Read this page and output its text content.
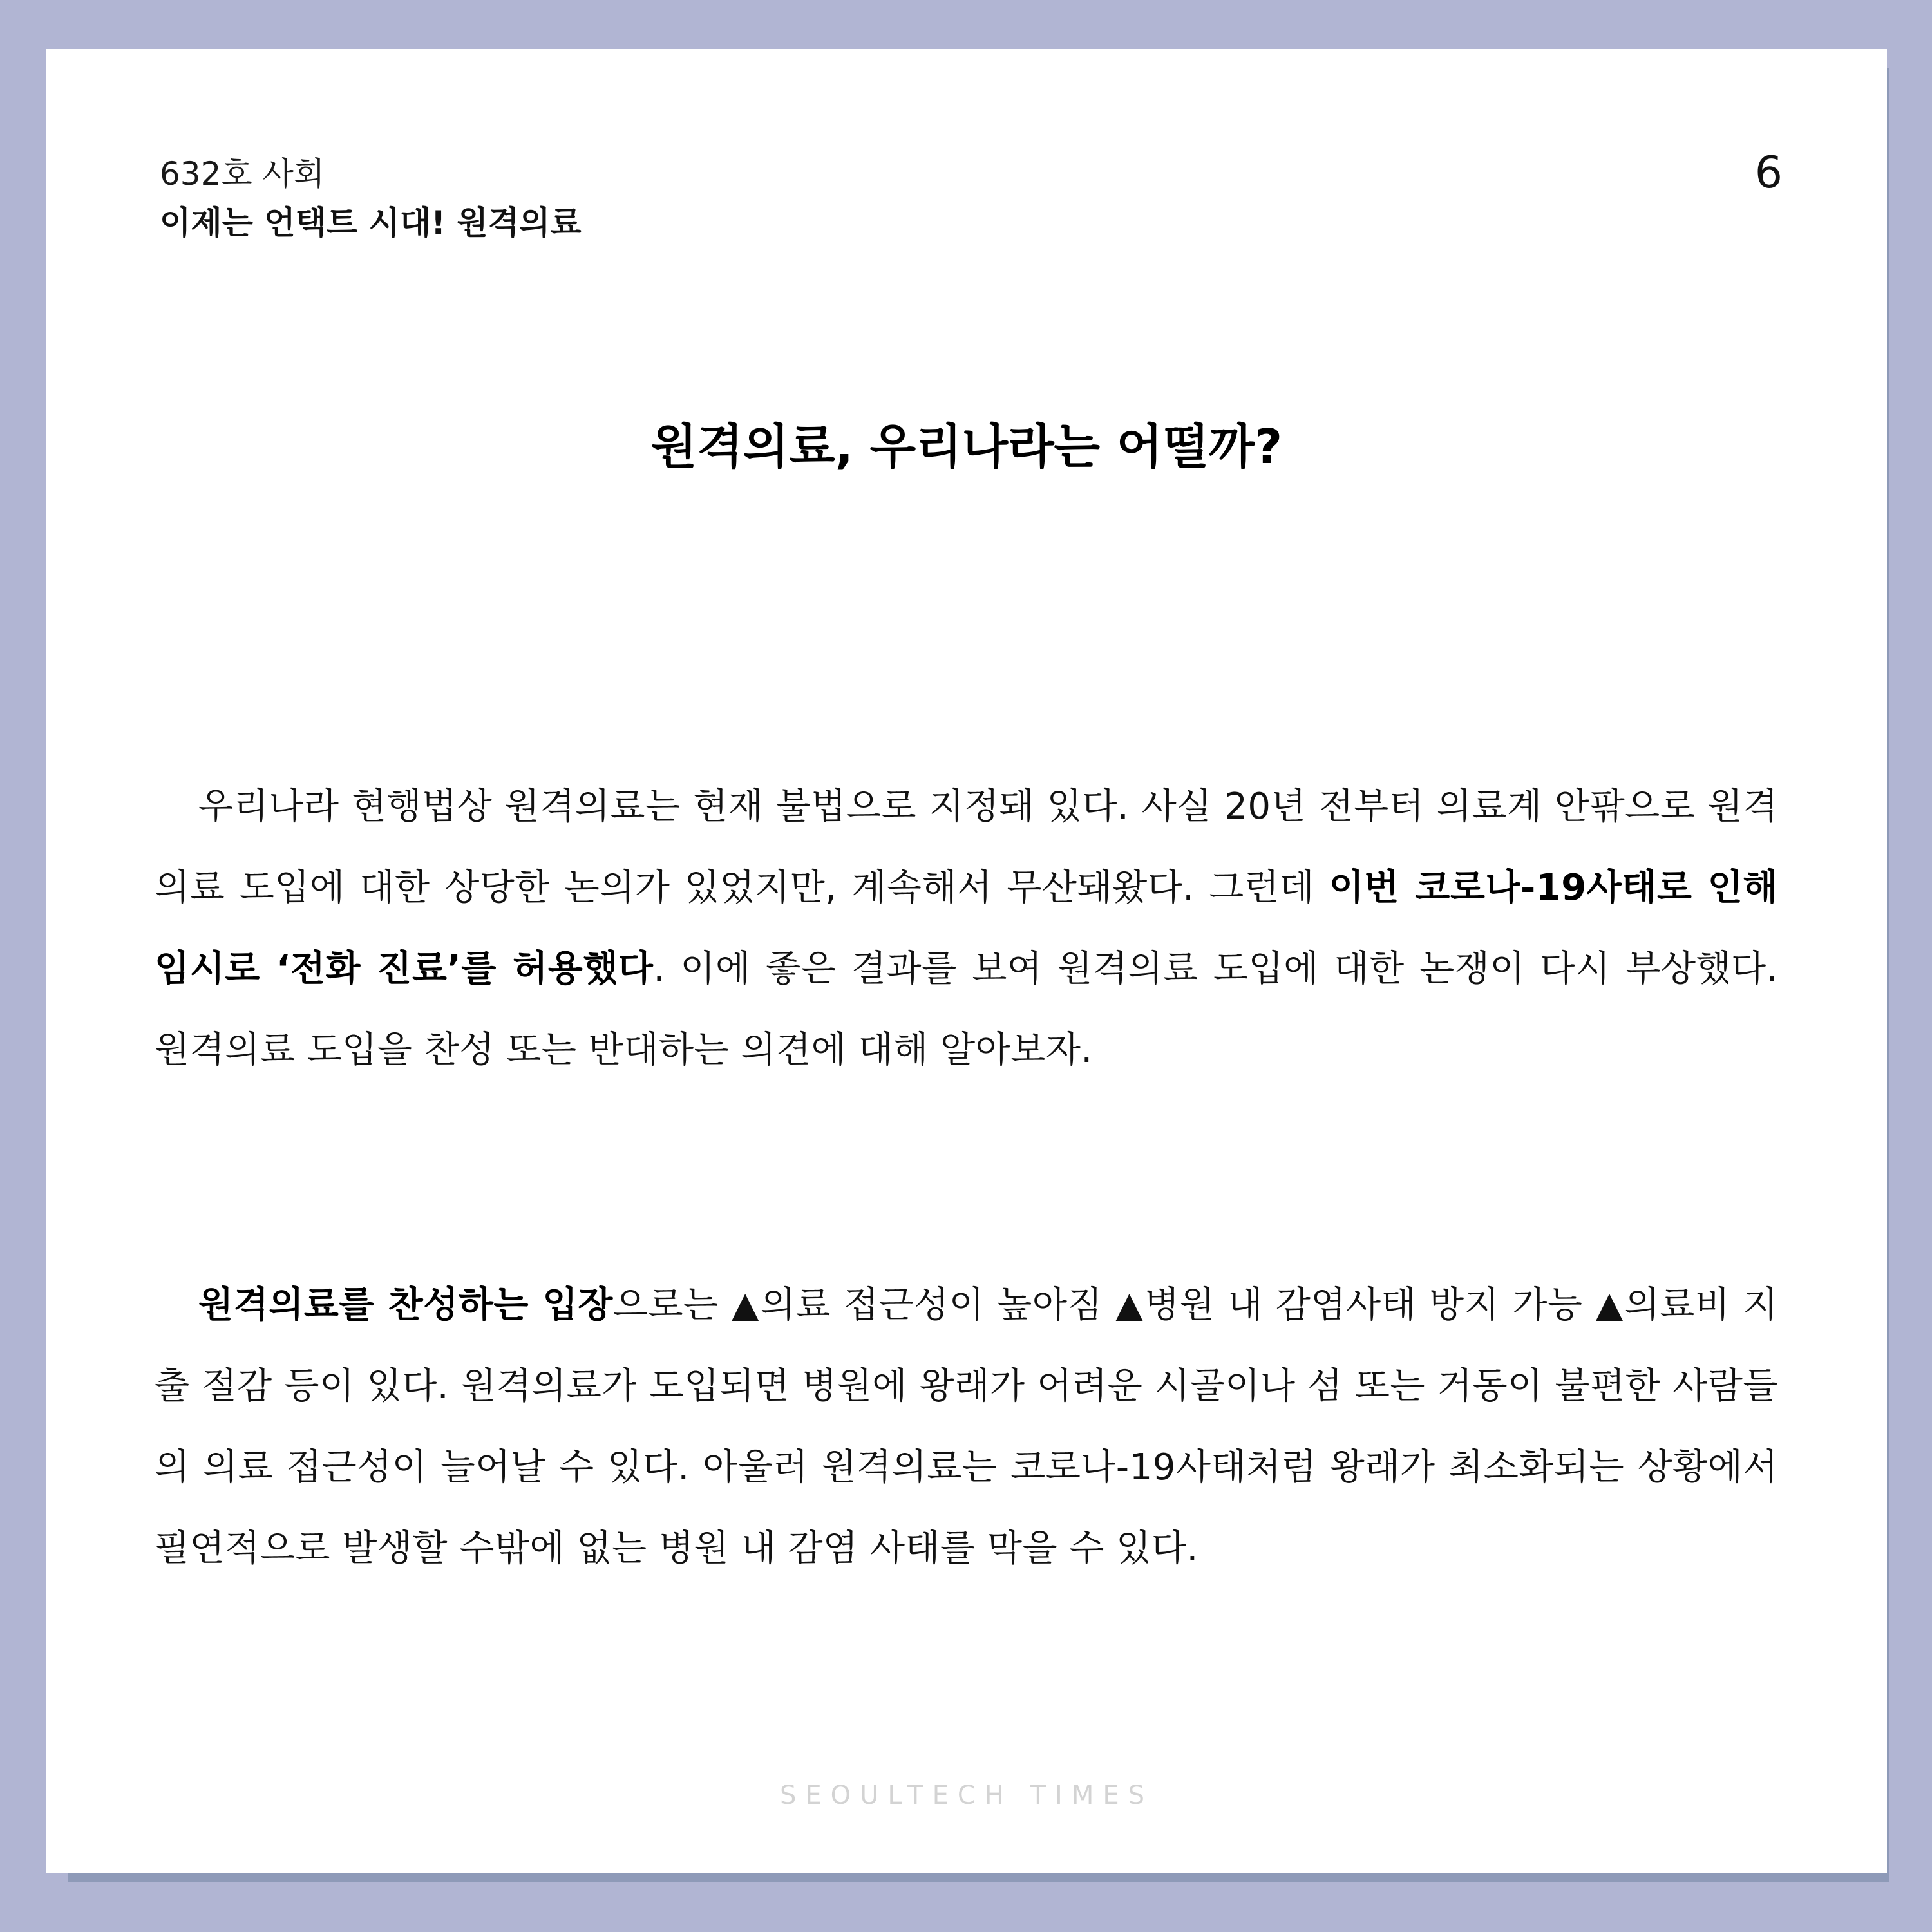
632호 사회
이제는 언택트 시대! 원격의료
6
원격의료, 우리나라는 어떨까?

우리나라 현행법상 원격의료는 현재 불법으로 지정돼 있다. 사실 20년 전부터 의료계 안팎으로 원격의료 도입에 대한 상당한 논의가 있었지만, 계속해서 무산돼왔다. 그런데 이번 코로나-19사태로 인해 임시로 ‘전화 진료’를 허용했다. 이에 좋은 결과를 보여 원격의료 도입에 대한 논쟁이 다시 부상했다. 원격의료 도입을 찬성 또는 반대하는 의견에 대해 알아보자.

원격의료를 찬성하는 입장으로는 ▲의료 접근성이 높아짐 ▲병원 내 감염사태 방지 가능 ▲의료비 지출 절감 등이 있다. 원격의료가 도입되면 병원에 왕래가 어려운 시골이나 섬 또는 거동이 불편한 사람들의 의료 접근성이 늘어날 수 있다. 아울러 원격의료는 코로나-19사태처럼 왕래가 최소화되는 상황에서 필연적으로 발생할 수밖에 없는 병원 내 감염 사태를 막을 수 있다.

SEOULTECH TIMES
